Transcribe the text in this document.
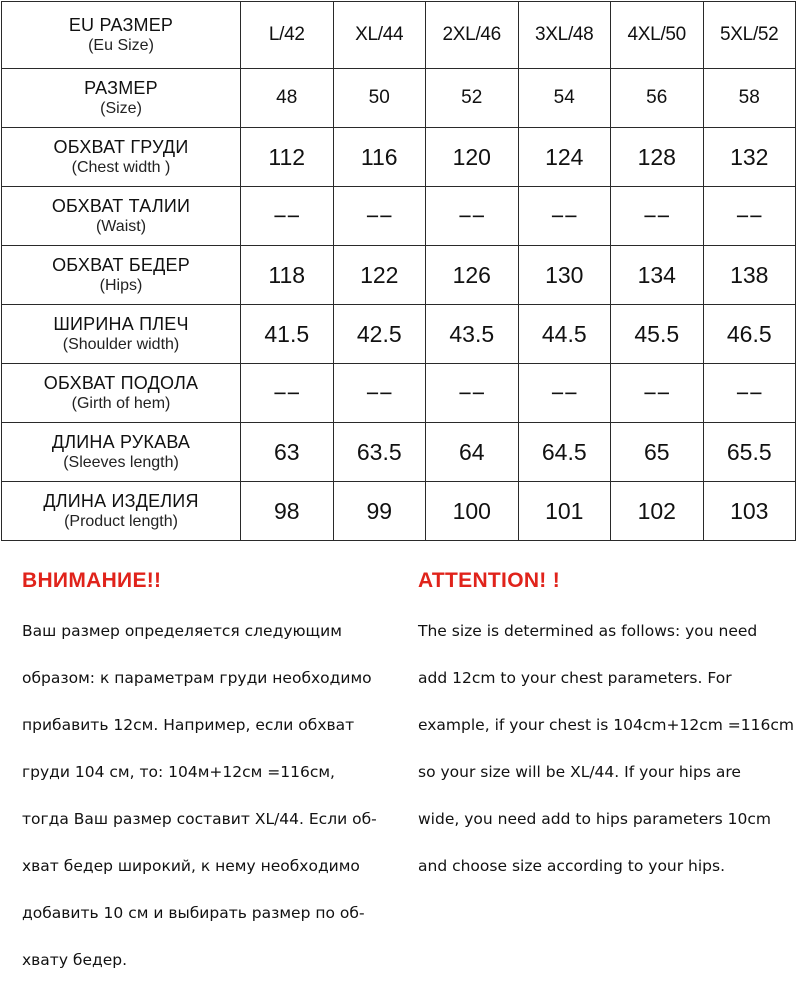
EU РАЗМЕР
(Eu Size)	L/42	XL/44	2XL/46	3XL/48	4XL/50	5XL/52

РАЗМЕР
(Size)	48	50	52	54	56	58

ОБХВАТ ГРУДИ
(Chest width )	112	116	120	124	128	132

ОБХВАТ ТАЛИИ
(Waist)	−−	−−	−−	−−	−−	−−

ОБХВАТ БЕДЕР
(Hips)	118	122	126	130	134	138

ШИРИНА ПЛЕЧ
(Shoulder width)	41.5	42.5	43.5	44.5	45.5	46.5

ОБХВАТ ПОДОЛА
(Girth of hem)	−−	−−	−−	−−	−−	−−

ДЛИНА РУКАВА
(Sleeves length)	63	63.5	64	64.5	65	65.5

ДЛИНА ИЗДЕЛИЯ
(Product length)	98	99	100	101	102	103
ВНИМАНИЕ!!

Ваш размер определяется следующим

образом: к параметрам груди необходимо

прибавить 12см. Например, если обхват

груди 104 см, то: 104м+12см =116см,

тогда Ваш размер составит XL/44. Если об-

хват бедер широкий, к нему необходимо

добавить 10 см и выбирать размер по об-

хвату бедер.

ATTENTION! !

The size is determined as follows: you need

add 12cm to your chest parameters. For

example, if your chest is 104cm+12cm =116cm

so your size will be XL/44. If your hips are

wide, you need add to hips parameters 10cm

and choose size according to your hips.
